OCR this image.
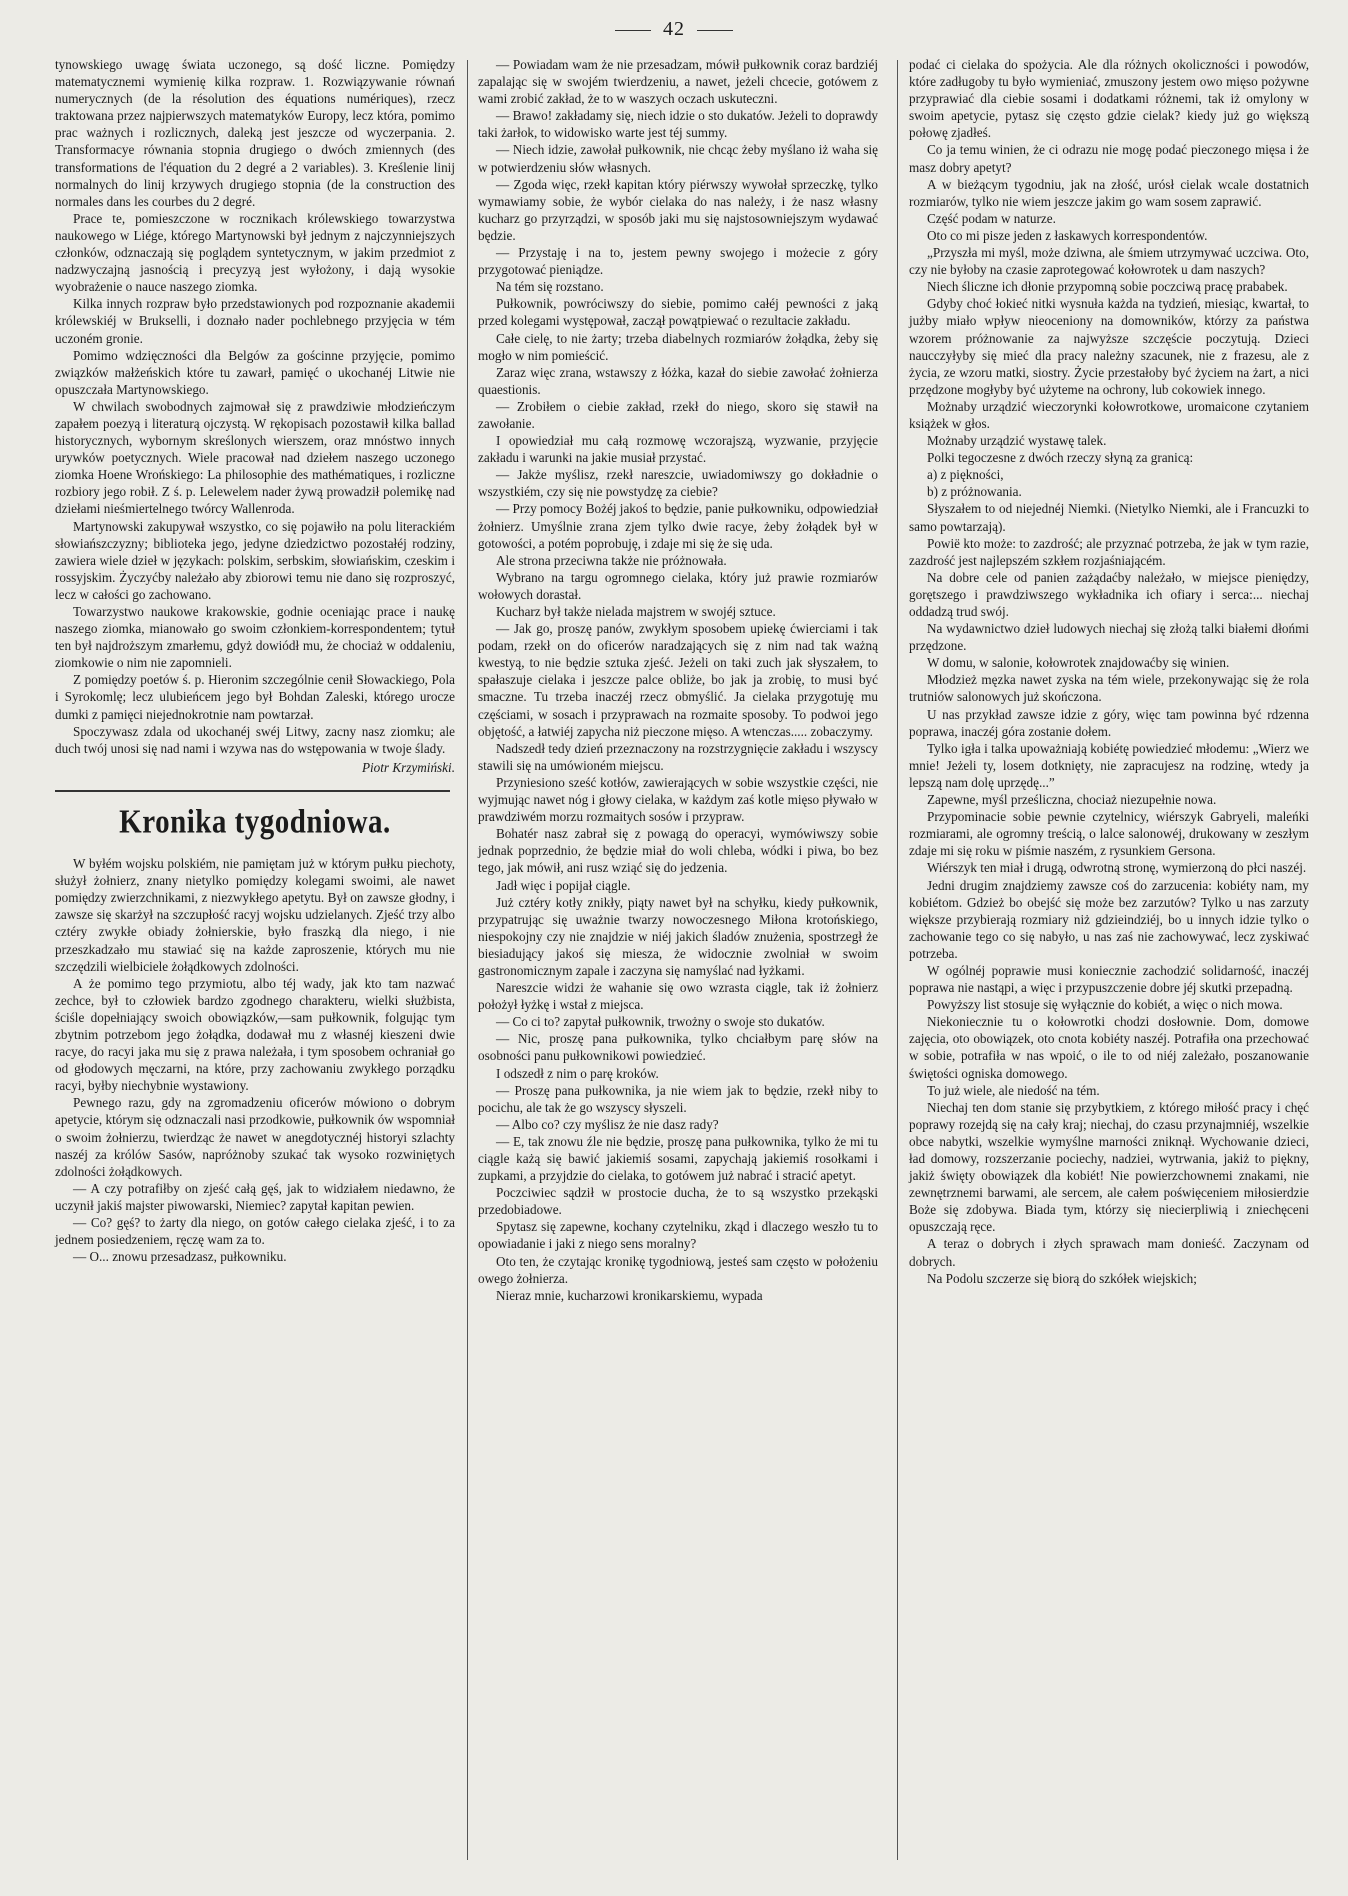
42

tynowskiego uwagę świata uczonego, są dość liczne. Pomiędzy matematycznemi wymienię kilka rozpraw. 1. Rozwiązywanie równań numerycznych (de la résolution des équations numériques), rzecz traktowana przez najpierwszych matematyków Europy, lecz która, pomimo prac ważnych i rozlicznych, daleką jest jeszcze od wyczerpania. 2. Transformacye równania stopnia drugiego o dwóch zmiennych (des transformations de l'équation du 2 degré a 2 variables). 3. Kreślenie linij normalnych do linij krzywych drugiego stopnia (de la construction des normales dans les courbes du 2 degré.

Prace te, pomieszczone w rocznikach królewskiego towarzystwa naukowego w Liége, którego Martynowski był jednym z najczynniejszych członków, odznaczają się poglądem syntetycznym, w jakim przedmiot z nadzwyczajną jasnością i precyzyą jest wyłożony, i dają wysokie wyobrażenie o nauce naszego ziomka.

Kilka innych rozpraw było przedstawionych pod rozpoznanie akademii królewskiéj w Brukselli, i doznało nader pochlebnego przyjęcia w tém uczoném gronie.

Pomimo wdzięczności dla Belgów za gościnne przyjęcie, pomimo związków małżeńskich które tu zawarł, pamięć o ukochanéj Litwie nie opuszczała Martynowskiego.

W chwilach swobodnych zajmował się z prawdziwie młodzieńczym zapałem poezyą i literaturą ojczystą. W rękopisach pozostawił kilka ballad historycznych, wybornym skreślonych wierszem, oraz mnóstwo innych urywków poetycznych. Wiele pracował nad dziełem naszego uczonego ziomka Hoene Wrońskiego: La philosophie des mathématiques, i rozliczne rozbiory jego robił. Z ś. p. Lelewelem nader żywą prowadził polemikę nad dziełami nieśmiertelnego twórcy Wallenroda.

Martynowski zakupywał wszystko, co się pojawiło na polu literackiém słowiańszczyzny; biblioteka jego, jedyne dziedzictwo pozostałéj rodziny, zawiera wiele dzieł w językach: polskim, serbskim, słowiańskim, czeskim i rossyjskim. Życzyćby należało aby zbiorowi temu nie dano się rozproszyć, lecz w całości go zachowano.

Towarzystwo naukowe krakowskie, godnie oceniając prace i naukę naszego ziomka, mianowało go swoim członkiem-korrespondentem; tytuł ten był najdroższym zmarłemu, gdyż dowiódł mu, że chociaż w oddaleniu, ziomkowie o nim nie zapomnieli.

Z pomiędzy poetów ś. p. Hieronim szczególnie cenił Słowackiego, Pola i Syrokomlę; lecz ulubieńcem jego był Bohdan Zaleski, którego urocze dumki z pamięci niejednokrotnie nam powtarzał.

Spoczywasz zdala od ukochanéj swéj Litwy, zacny nasz ziomku; ale duch twój unosi się nad nami i wzywa nas do wstępowania w twoje ślady.

Piotr Krzymiński.

Kronika tygodniowa.

W byłém wojsku polskiém, nie pamiętam już w którym pułku piechoty, służył żołnierz, znany nietylko pomiędzy kolegami swoimi, ale nawet pomiędzy zwierzchnikami, z niezwykłego apetytu. Był on zawsze głodny, i zawsze się skarżył na szczupłość racyj wojsku udzielanych. Zjeść trzy albo cztéry zwykłe obiady żołnierskie, było fraszką dla niego, i nie przeszkadzało mu stawiać się na każde zaproszenie, których mu nie szczędzili wielbiciele żołądkowych zdolności.

A że pomimo tego przymiotu, albo téj wady, jak kto tam nazwać zechce, był to człowiek bardzo zgodnego charakteru, wielki służbista, ściśle dopełniający swoich obowiązków,—sam pułkownik, folgując tym zbytnim potrzebom jego żołądka, dodawał mu z własnéj kieszeni dwie racye, do racyi jaka mu się z prawa należała, i tym sposobem ochraniał go od głodowych męczarni, na które, przy zachowaniu zwykłego porządku racyi, byłby niechybnie wystawiony.

Pewnego razu, gdy na zgromadzeniu oficerów mówiono o dobrym apetycie, którym się odznaczali nasi przodkowie, pułkownik ów wspomniał o swoim żołnierzu, twierdząc że nawet w anegdotycznéj historyi szlachty naszéj za królów Sasów, napróżnoby szukać tak wysoko rozwiniętych zdolności żołądkowych.

— A czy potrafiłby on zjeść całą gęś, jak to widziałem niedawno, że uczynił jakiś majster piwowarski, Niemiec? zapytał kapitan pewien.

— Co? gęś? to żarty dla niego, on gotów całego cielaka zjeść, i to za jednem posiedzeniem, ręczę wam za to.

— O... znowu przesadzasz, pułkowniku.

— Powiadam wam że nie przesadzam, mówił pułkownik coraz bardziéj zapalając się w swojém twierdzeniu, a nawet, jeżeli chcecie, gotówem z wami zrobić zakład, że to w waszych oczach uskuteczni.

— Brawo! zakładamy się, niech idzie o sto dukatów. Jeżeli to doprawdy taki żarłok, to widowisko warte jest téj summy.

— Niech idzie, zawołał pułkownik, nie chcąc żeby myślano iż waha się w potwierdzeniu słów własnych.

— Zgoda więc, rzekł kapitan który piérwszy wywołał sprzeczkę, tylko wymawiamy sobie, że wybór cielaka do nas należy, i że nasz własny kucharz go przyrządzi, w sposób jaki mu się najstosowniejszym wydawać będzie.

— Przystaję i na to, jestem pewny swojego i możecie z góry przygotować pieniądze.

Na tém się rozstano.

Pułkownik, powróciwszy do siebie, pomimo całéj pewności z jaką przed kolegami występował, zaczął powątpiewać o rezultacie zakładu.

Całe cielę, to nie żarty; trzeba diabelnych rozmiarów żołądka, żeby się mogło w nim pomieścić.

Zaraz więc zrana, wstawszy z łóżka, kazał do siebie zawołać żołnierza quaestionis.

— Zrobiłem o ciebie zakład, rzekł do niego, skoro się stawił na zawołanie.

I opowiedział mu całą rozmowę wczorajszą, wyzwanie, przyjęcie zakładu i warunki na jakie musiał przystać.

— Jakże myślisz, rzekł nareszcie, uwiadomiwszy go dokładnie o wszystkiém, czy się nie powstydzę za ciebie?

— Przy pomocy Bożéj jakoś to będzie, panie pułkowniku, odpowiedział żołnierz. Umyślnie zrana zjem tylko dwie racye, żeby żołądek był w gotowości, a potém poprobuję, i zdaje mi się że się uda.

Ale strona przeciwna także nie próżnowała.

Wybrano na targu ogromnego cielaka, który już prawie rozmiarów wołowych dorastał.

Kucharz był także nielada majstrem w swojéj sztuce.

— Jak go, proszę panów, zwykłym sposobem upiekę ćwierciami i tak podam, rzekł on do oficerów naradzających się z nim nad tak ważną kwestyą, to nie będzie sztuka zjeść. Jeżeli on taki zuch jak słyszałem, to spałaszuje cielaka i jeszcze palce obliże, bo jak ja zrobię, to musi być smaczne. Tu trzeba inaczéj rzecz obmyślić. Ja cielaka przygotuję mu częściami, w sosach i przyprawach na rozmaite sposoby. To podwoi jego objętość, a łatwiéj zapycha niż pieczone mięso. A wtenczas..... zobaczymy.

Nadszedł tedy dzień przeznaczony na rozstrzygnięcie zakładu i wszyscy stawili się na umówioném miejscu.

Przyniesiono sześć kotłów, zawierających w sobie wszystkie części, nie wyjmując nawet nóg i głowy cielaka, w każdym zaś kotle mięso pływało w prawdziwém morzu rozmaitych sosów i przypraw.

Bohatér nasz zabrał się z powagą do operacyi, wymówiwszy sobie jednak poprzednio, że będzie miał do woli chleba, wódki i piwa, bo bez tego, jak mówił, ani rusz wziąć się do jedzenia.

Jadł więc i popijał ciągle.

Już cztéry kotły znikły, piąty nawet był na schyłku, kiedy pułkownik, przypatrując się uważnie twarzy nowoczesnego Miłona krotońskiego, niespokojny czy nie znajdzie w niéj jakich śladów znużenia, spostrzegł że biesiadujący jakoś się miesza, że widocznie zwolniał w swoim gastronomicznym zapale i zaczyna się namyślać nad łyżkami.

Nareszcie widzi że wahanie się owo wzrasta ciągle, tak iż żołnierz położył łyżkę i wstał z miejsca.

— Co ci to? zapytał pułkownik, trwożny o swoje sto dukatów.

— Nic, proszę pana pułkownika, tylko chciałbym parę słów na osobności panu pułkownikowi powiedzieć.

I odszedł z nim o parę kroków.

— Proszę pana pułkownika, ja nie wiem jak to będzie, rzekł niby to pocichu, ale tak że go wszyscy słyszeli.

— Albo co? czy myślisz że nie dasz rady?

— E, tak znowu źle nie będzie, proszę pana pułkownika, tylko że mi tu ciągle każą się bawić jakiemiś sosami, zapychają jakiemiś rosołkami i zupkami, a przyjdzie do cielaka, to gotówem już nabrać i stracić apetyt.

Poczciwiec sądził w prostocie ducha, że to są wszystko przekąski przedobiadowe.

Spytasz się zapewne, kochany czytelniku, zkąd i dlaczego weszło tu to opowiadanie i jaki z niego sens moralny?

Oto ten, że czytając kronikę tygodniową, jesteś sam często w położeniu owego żołnierza.

Nieraz mnie, kucharzowi kronikarskiemu, wypada

podać ci cielaka do spożycia. Ale dla różnych okoliczności i powodów, które zadługoby tu było wymieniać, zmuszony jestem owo mięso pożywne przyprawiać dla ciebie sosami i dodatkami różnemi, tak iż omylony w swoim apetycie, pytasz się często gdzie cielak? kiedy już go większą połowę zjadłeś.

Co ja temu winien, że ci odrazu nie mogę podać pieczonego mięsa i że masz dobry apetyt?

A w bieżącym tygodniu, jak na złość, urósł cielak wcale dostatnich rozmiarów, tylko nie wiem jeszcze jakim go wam sosem zaprawić.

Część podam w naturze.

Oto co mi pisze jeden z łaskawych korrespondentów.

„Przyszła mi myśl, może dziwna, ale śmiem utrzymywać uczciwa. Oto, czy nie byłoby na czasie zaprotegować kołowrotek u dam naszych?

Niech śliczne ich dłonie przypomną sobie poczciwą pracę prababek.

Gdyby choć łokieć nitki wysnuła każda na tydzień, miesiąc, kwartał, to jużby miało wpływ nieoceniony na domowników, którzy za państwa wzorem próżnowanie za najwyższe szczęście poczytują. Dzieci naucczyłyby się mieć dla pracy należny szacunek, nie z frazesu, ale z życia, ze wzoru matki, siostry. Życie przestałoby być życiem na żart, a nici przędzone mogłyby być użyteme na ochrony, lub cokowiek innego.

Możnaby urządzić wieczorynki kołowrotkowe, uromaicone czytaniem książek w głos.

Możnaby urządzić wystawę talek.

Polki tegoczesne z dwóch rzeczy słyną za granicą:

a) z piękności,

b) z próżnowania.

Słyszałem to od niejednéj Niemki. (Nietylko Niemki, ale i Francuzki to samo powtarzają).

Powiё kto może: to zazdrość; ale przyznać potrzeba, że jak w tym razie, zazdrość jest najlepszém szkłem rozjaśniającém.

Na dobre cele od panien zażądaćby należało, w miejsce pieniędzy, gorętszego i prawdziwszego wykładnika ich ofiary i serca:... niechaj oddadzą trud swój.

Na wydawnictwo dzieł ludowych niechaj się złożą talki białemi dłońmi przędzone.

W domu, w salonie, kołowrotek znajdowaćby się winien.

Młodzież męzka nawet zyska na tém wiele, przekonywając się że rola trutniów salonowych już skończona.

U nas przykład zawsze idzie z góry, więc tam powinna być rdzenna poprawa, inaczéj góra zostanie dołem.

Tylko igła i talka upoważniają kobiétę powiedzieć młodemu: „Wierz we mnie! Jeżeli ty, losem dotknięty, nie zapracujesz na rodzinę, wtedy ja lepszą nam dolę uprzędę...”

Zapewne, myśl prześliczna, chociaż niezupełnie nowa.

Przypominacie sobie pewnie czytelnicy, wiérszyk Gabryeli, maleńki rozmiarami, ale ogromny treścią, o lalce salonowéj, drukowany w zeszłym zdaje mi się roku w piśmie naszém, z rysunkiem Gersona.

Wiérszyk ten miał i drugą, odwrotną stronę, wymierzoną do płci naszéj.

Jedni drugim znajdziemy zawsze coś do zarzucenia: kobiéty nam, my kobiétom. Gdzież bo obejść się może bez zarzutów? Tylko u nas zarzuty większe przybierają rozmiary niż gdzieindziéj, bo u innych idzie tylko o zachowanie tego co się nabyło, u nas zaś nie zachowywać, lecz zyskiwać potrzeba.

W ogólnéj poprawie musi koniecznie zachodzić solidarność, inaczéj poprawa nie nastąpi, a więc i przypuszczenie dobre jéj skutki przepadną.

Powyższy list stosuje się wyłącznie do kobiét, a więc o nich mowa.

Niekoniecznie tu o kołowrotki chodzi dosłownie. Dom, domowe zajęcia, oto obowiązek, oto cnota kobiéty naszéj. Potrafiła ona przechować w sobie, potrafiła w nas wpoić, o ile to od niéj zależało, poszanowanie świętości ogniska domowego.

To już wiele, ale niedość na tém.

Niechaj ten dom stanie się przybytkiem, z którego miłość pracy i chęć poprawy rozejdą się na cały kraj; niechaj, do czasu przynajmniéj, wszelkie obce nabytki, wszelkie wymyślne marności zniknął. Wychowanie dzieci, ład domowy, rozszerzanie pociechy, nadziei, wytrwania, jakiż to piękny, jakiż święty obowiązek dla kobiét! Nie powierzchownemi znakami, nie zewnętrznemi barwami, ale sercem, ale całem poświęceniem miłosierdzie Boże się zdobywa. Biada tym, którzy się niecierpliwią i zniechęceni opuszczają ręce.

A teraz o dobrych i złych sprawach mam donieść. Zaczynam od dobrych.

Na Podolu szczerze się biorą do szkółek wiejskich;
